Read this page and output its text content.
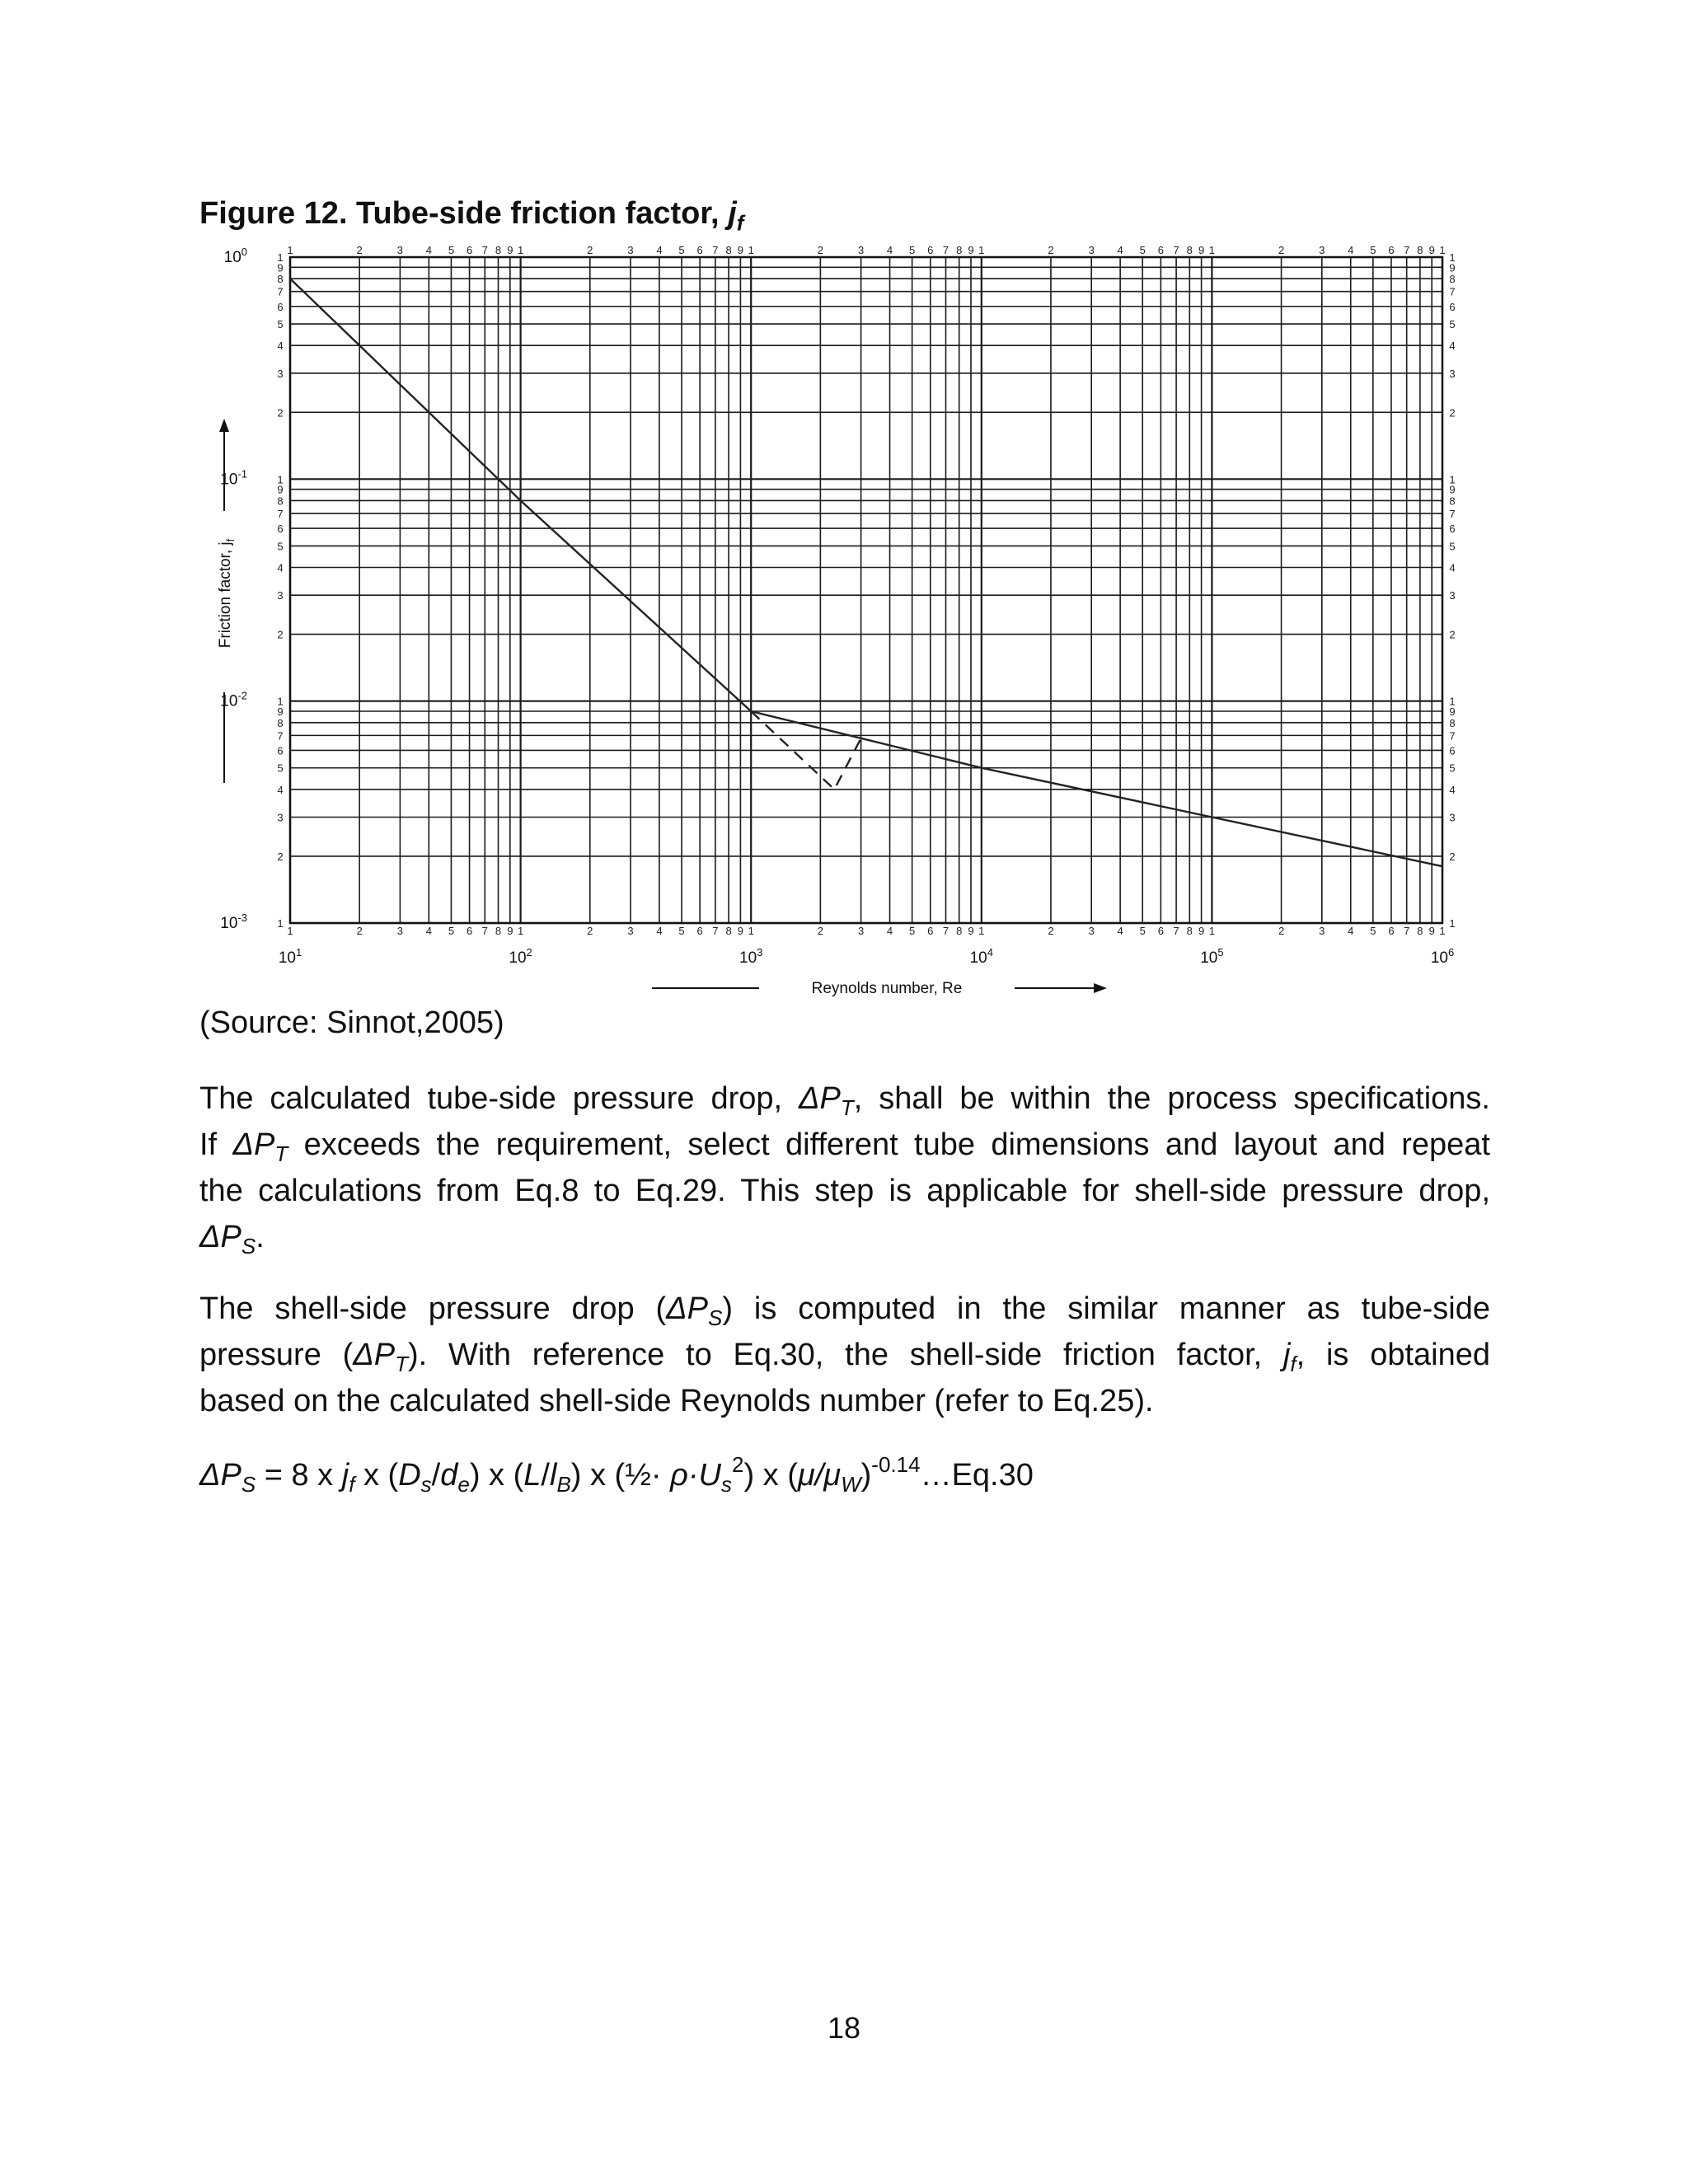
Figure 12. Tube-side friction factor, $j_f$
1
1
2
2
3
3
4
4
5
5
6
6
7
7
8
8
9
9
1
1
2
2
3
3
4
4
5
5
6
6
7
7
8
8
9
9
1
1
2
2
3
3
4
4
5
5
6
6
7
7
8
8
9
9
1
1
2
2
3
3
4
4
5
5
6
6
7
7
8
8
9
9
1
1
2
2
3
3
4
4
5
5
6
6
7
7
8
8
9
9
1
1
1	1
2	2
3	3
4	4
5	5
6	6
7	7
8	8
9	9
1	1
2	2
3	3
4	4
5	5
6	6
7	7
8	8
9	9
1	1
2	2
3	3
4	4
5	5
6	6
7	7
8	8
9	9
1	1
$10^1$	$10^2$	$10^3$	$10^4$	$10^5$	$10^6$
$10^0$
$10^{-1}$
$10^{-2}$
$10^{-3}$
Reynolds number, Re
Friction factor, $j_f$
(Source: Sinnot,2005)

The calculated tube-side pressure drop, $\Delta P_T$, shall be within the process specifications.
If $\Delta P_T$ exceeds the requirement, select different tube dimensions and layout and repeat
the calculations from Eq.8 to Eq.29. This step is applicable for shell-side pressure drop,
$\Delta P_S$.

The shell-side pressure drop $(\Delta P_S)$ is computed in the similar manner as tube-side
pressure $(\Delta P_T)$. With reference to Eq.30, the shell-side friction factor, $j_f$, is obtained
based on the calculated shell-side Reynolds number (refer to Eq.25).

$\Delta P_S = 8$ x $j_f$ x $(D_s/d_e)$ x $(L/l_B)$ x (½· $\rho\cdot U_s^2$) x $(\mu/\mu_W)^{-0.14}\dots Eq.30$
18
